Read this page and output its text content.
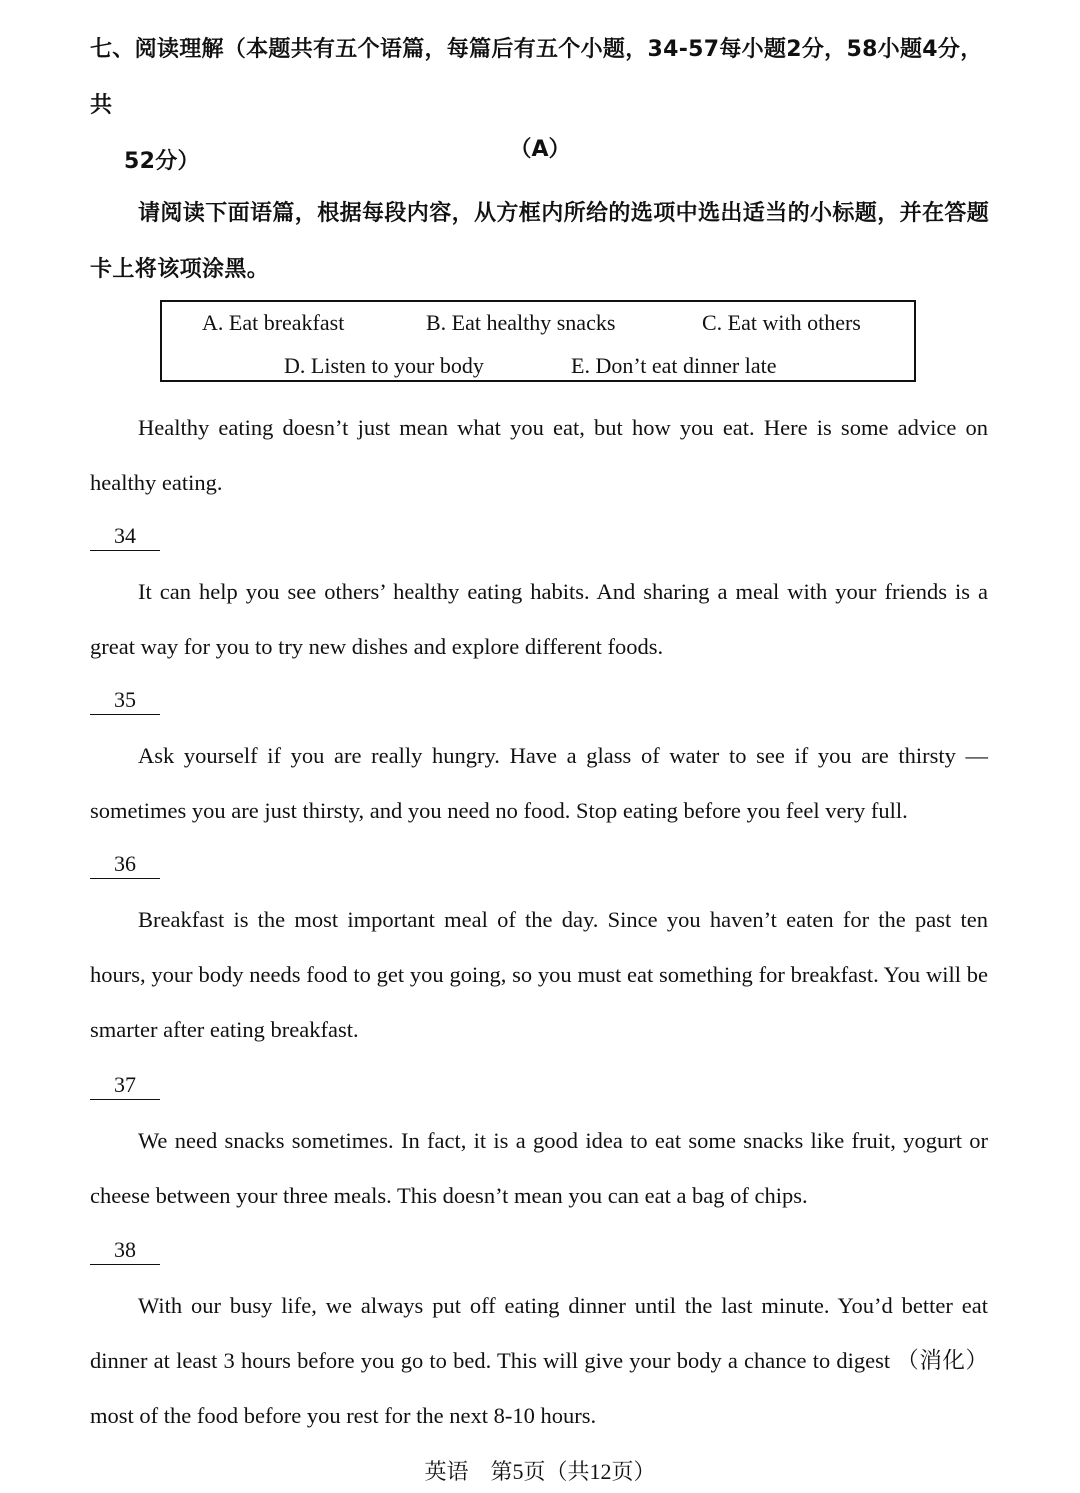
七、阅读理解（本题共有五个语篇，每篇后有五个小题，34-57每小题2分，58小题4分，共
52分）	（A）
请阅读下面语篇，根据每段内容，从方框内所给的选项中选出适当的小标题，并在答题卡上将该项涂黑。
A. Eat breakfast	B. Eat healthy snacks	C. Eat with others
D. Listen to your body	E. Don’t eat dinner late

Healthy eating doesn’t just mean what you eat, but how you eat. Here is some advice on healthy eating.

34

It can help you see others’ healthy eating habits. And sharing a meal with your friends is a great way for you to try new dishes and explore different foods.

35

Ask yourself if you are really hungry. Have a glass of water to see if you are thirsty — sometimes you are just thirsty, and you need no food. Stop eating before you feel very full.

36

Breakfast is the most important meal of the day. Since you haven’t eaten for the past ten hours, your body needs food to get you going, so you must eat something for breakfast. You will be smarter after eating breakfast.

37

We need snacks sometimes. In fact, it is a good idea to eat some snacks like fruit, yogurt or cheese between your three meals. This doesn’t mean you can eat a bag of chips.

38

With our busy life, we always put off eating dinner until the last minute. You’d better eat dinner at least 3 hours before you go to bed. This will give your body a chance to digest （消化）most of the food before you rest for the next 8-10 hours.

英语　第5页（共12页）
